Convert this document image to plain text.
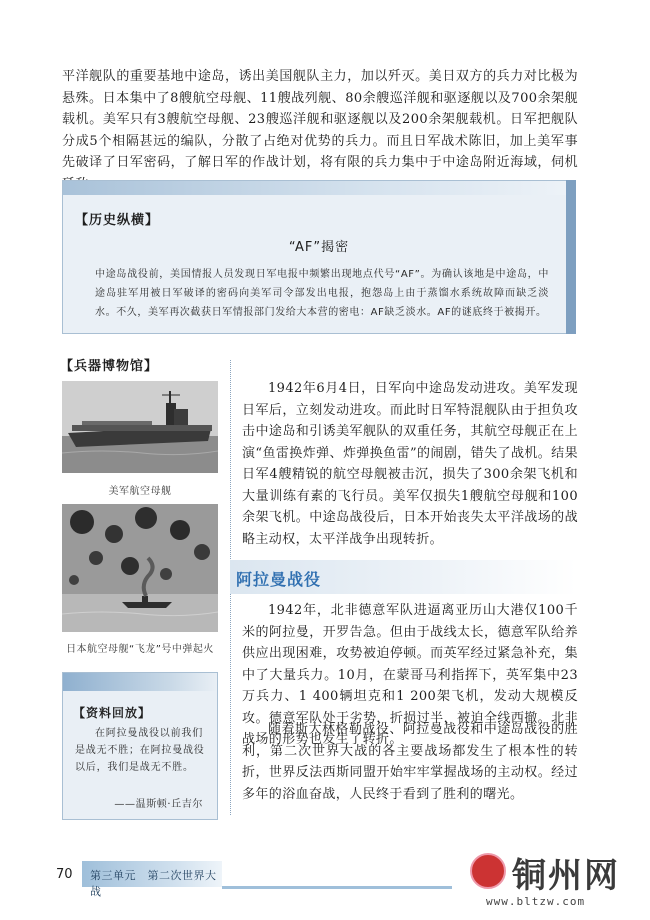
平洋舰队的重要基地中途岛，诱出美国舰队主力，加以歼灭。美日双方的兵力对比极为悬殊。日本集中了8艘航空母舰、11艘战列舰、80余艘巡洋舰和驱逐舰以及700余架舰载机。美军只有3艘航空母舰、23艘巡洋舰和驱逐舰以及200余架舰载机。日军把舰队分成5个相隔甚远的编队，分散了占绝对优势的兵力。而且日军战术陈旧，加上美军事先破译了日军密码，了解日军的作战计划，将有限的兵力集中于中途岛附近海域，伺机

【历史纵横】
“AF”揭密
中途岛战役前，美国情报人员发现日军电报中频繁出现地点代号“AF”。为确认该地是中途岛，中途岛驻军用被日军破译的密码向美军司令部发出电报，抱怨岛上由于蒸馏水系统故障而缺乏淡水。不久，美军再次截获日军情报部门发给大本营的密电：AF缺乏淡水。AF的谜底终于被揭开。
【兵器博物馆】
美军航空母舰
日本航空母舰“飞龙”号中弹起火

1942年6月4日，日军向中途岛发动进攻。美军发现日军后，立刻发动进攻。而此时日军特混舰队由于担负攻击中途岛和引诱美军舰队的双重任务，其航空母舰正在上演“鱼雷换炸弹、炸弹换鱼雷”的闹剧，错失了战机。结果日军4艘精锐的航空母舰被击沉，损失了300余架飞机和大量训练有素的飞行员。美军仅损失1艘航空母舰和100余架飞机。中途岛战役后，日本开始丧失太平洋战场的战略主动权，太平洋战争出现转折。

阿拉曼战役

1942年，北非德意军队进逼离亚历山大港仅100千米的阿拉曼，开罗告急。但由于战线太长，德意军队给养供应出现困难，攻势被迫停顿。而英军经过紧急补充，集中了大量兵力。10月，在蒙哥马利指挥下，英军集中23万兵力、1 400辆坦克和1 200架飞机，发动大规模反攻。德意军队处于劣势，折损过半，被迫全线西撤。北非战场的形势也发生了转折。

随着斯大林格勒战役、阿拉曼战役和中途岛战役的胜利，第二次世界大战的各主要战场都发生了根本性的转折，世界反法西斯同盟开始牢牢掌握战场的主动权。经过多年的浴血奋战，人民终于看到了胜利的曙光。

【资料回放】
在阿拉曼战役以前我们是战无不胜；在阿拉曼战役以后，我们是战无不胜。
——温斯顿·丘吉尔
70 第三单元　第二次世界大战	铜州网
www.bltzw.com
